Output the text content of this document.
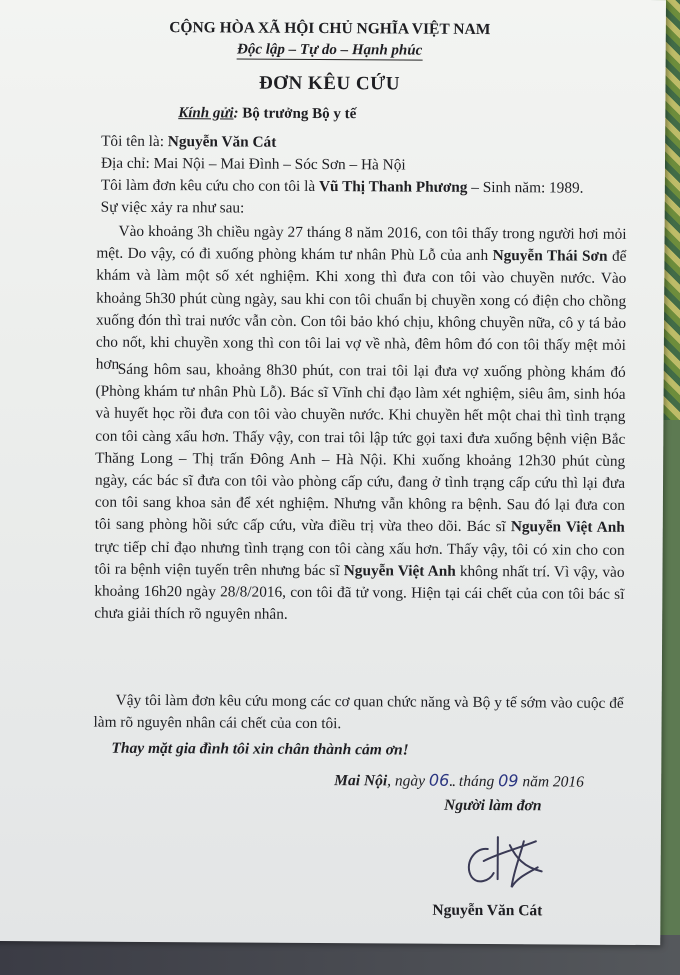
CỘNG HÒA XÃ HỘI CHỦ NGHĨA VIỆT NAM
Độc lập – Tự do – Hạnh phúc
ĐƠN KÊU CỨU
Kính gửi: Bộ trưởng Bộ y tế
Tôi tên là: Nguyễn Văn Cát
Địa chỉ: Mai Nội – Mai Đình – Sóc Sơn – Hà Nội
Tôi làm đơn kêu cứu cho con tôi là Vũ Thị Thanh Phương – Sinh năm: 1989.
Sự việc xảy ra như sau:
Vào khoảng 3h chiều ngày 27 tháng 8 năm 2016, con tôi thấy trong người hơi mỏi mệt. Do vậy, có đi xuống phòng khám tư nhân Phù Lỗ của anh Nguyễn Thái Sơn để khám và làm một số xét nghiệm. Khi xong thì đưa con tôi vào chuyền nước. Vào khoảng 5h30 phút cùng ngày, sau khi con tôi chuẩn bị chuyền xong có điện cho chồng xuống đón thì trai nước vẫn còn. Con tôi bảo khó chịu, không chuyền nữa, cô y tá bảo cho nốt, khi chuyền xong thì con tôi lai vợ về nhà, đêm hôm đó con tôi thấy mệt mỏi hơn.
Sáng hôm sau, khoảng 8h30 phút, con trai tôi lại đưa vợ xuống phòng khám đó (Phòng khám tư nhân Phù Lỗ). Bác sĩ Vĩnh chỉ đạo làm xét nghiệm, siêu âm, sinh hóa và huyết học rồi đưa con tôi vào chuyền nước. Khi chuyền hết một chai thì tình trạng con tôi càng xấu hơn. Thấy vậy, con trai tôi lập tức gọi taxi đưa xuống bệnh viện Bắc Thăng Long – Thị trấn Đông Anh – Hà Nội. Khi xuống khoảng 12h30 phút cùng ngày, các bác sĩ đưa con tôi vào phòng cấp cứu, đang ở tình trạng cấp cứu thì lại đưa con tôi sang khoa sản để xét nghiệm. Nhưng vẫn không ra bệnh. Sau đó lại đưa con tôi sang phòng hồi sức cấp cứu, vừa điều trị vừa theo dõi. Bác sĩ Nguyễn Việt Anh trực tiếp chỉ đạo nhưng tình trạng con tôi càng xấu hơn. Thấy vậy, tôi có xin cho con tôi ra bệnh viện tuyến trên nhưng bác sĩ Nguyễn Việt Anh không nhất trí. Vì vậy, vào khoảng 16h20 ngày 28/8/2016, con tôi đã tử vong. Hiện tại cái chết của con tôi bác sĩ chưa giải thích rõ nguyên nhân.
Vậy tôi làm đơn kêu cứu mong các cơ quan chức năng và Bộ y tế sớm vào cuộc để làm rõ nguyên nhân cái chết của con tôi.
Thay mặt gia đình tôi xin chân thành cảm ơn!
Mai Nội, ngày 06.. tháng 09 năm 2016
Người làm đơn
Nguyễn Văn Cát
